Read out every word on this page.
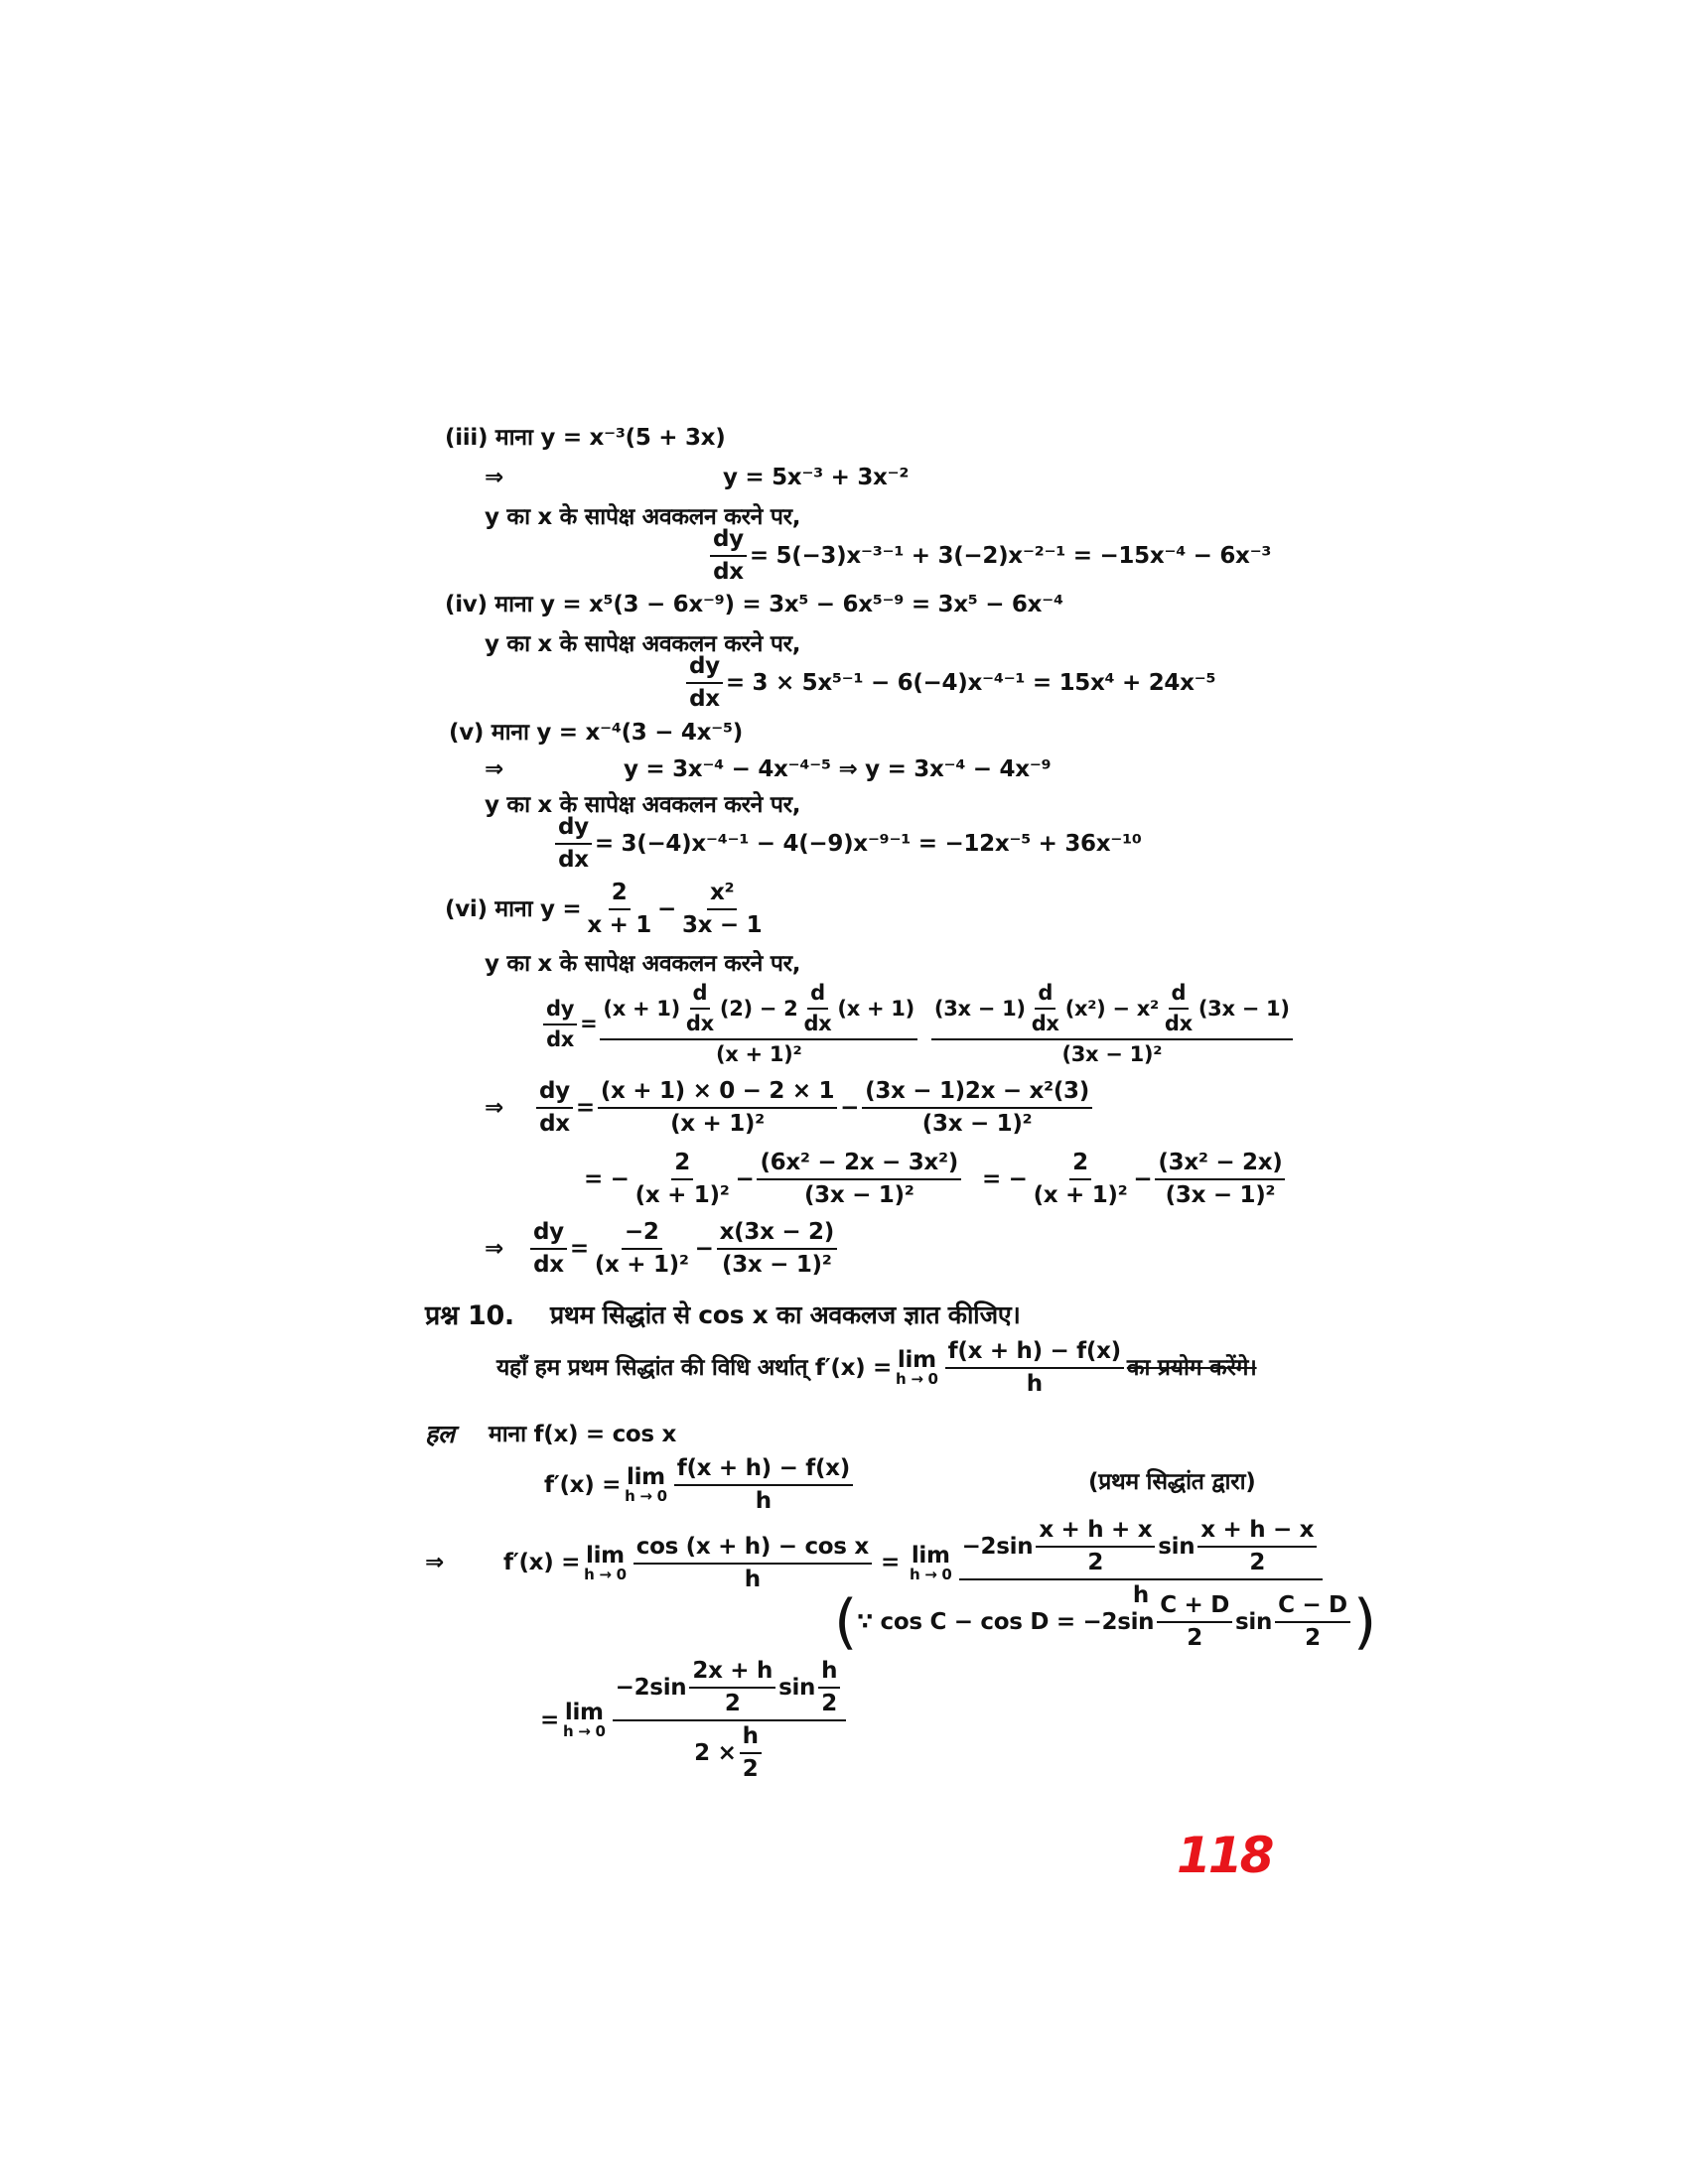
(iii) माना y = x⁻³(5 + 3x)
⇒	y = 5x⁻³ + 3x⁻²
y का x के सापेक्ष अवकलन करने पर,
$\frac{dy}{dx} = 5(-3)x^{-3-1} + 3(-2)x^{-2-1} = -15x^{-4} - 6x^{-3}$
(iv) माना y = x⁵(3 − 6x⁻⁹) = 3x⁵ − 6x⁵⁻⁹ = 3x⁵ − 6x⁻⁴
y का x के सापेक्ष अवकलन करने पर,
$\frac{dy}{dx} = 3 \times 5x^{5-1} - 6(-4)x^{-4-1} = 15x^4 + 24x^{-5}$
(v) माना y = x⁻⁴(3 − 4x⁻⁵)
⇒	y = 3x⁻⁴ − 4x⁻⁴⁻⁵ ⇒ y = 3x⁻⁴ − 4x⁻⁹
y का x के सापेक्ष अवकलन करने पर,
$\frac{dy}{dx} = 3(-4)x^{-4-1} - 4(-9)x^{-9-1} = -12x^{-5} + 36x^{-10}$
(vi) माना $y = \frac{2}{x + 1} - \frac{\text{x²}}{3x - 1}$
y का x के सापेक्ष अवकलन करने पर,
$\frac{dy}{dx}$ =
(x + 1)
d
dx
(2) − 2
d
dx
(x + 1)
(x + 1)²
(3x − 1)
d
dx
(x²) − x²
d
dx
(3x − 1)
(3x − 1)²
⇒ $\frac{dy}{dx} = \frac{(x + 1) \times 0 - 2 \times 1}{\text{(x + 1)²}} - \frac{\text{(3x − 1)2x − x²(3)}}{\text{(3x − 1)²}}$
= − $\frac{2}{\text{(x + 1)²}} - \frac{\text{(6x² − 2x − 3x²)}}{\text{(3x − 1)²}}$ = − $\frac{2}{\text{(x + 1)²}} - \frac{\text{(3x² − 2x)}}{\text{(3x − 1)²}}$
⇒ $\frac{dy}{dx} = \frac{-2}{\text{(x + 1)²}} - \frac{x(3x - 2)}{\text{(3x − 1)²}}$
प्रश्न 10. प्रथम सिद्धांत से cos x का अवकलज ज्ञात कीजिए।
यहाँ हम प्रथम सिद्धांत की विधि अर्थात् f′(x) = lim
h → 0
f(x + h) − f(x)
h
का प्रयोग करेंगे।
हल माना f(x) = cos x
f′(x) = lim
h → 0
f(x + h) − f(x)
h
(प्रथम सिद्धांत द्वारा)
⇒	f′(x) = lim
$h \to 0 \frac{\text{cos (x + h) − cos x}}{h} = \lim$
h → 0
−2sin
x + h + x
2
sin
x + h − x
2
h
( ∵ cos C − cos D = −2sin
C + D
2
sin
C − D
2 )
= lim
h → 0
−2sin
2x + h
2
sin
h
2
$2 \times \frac{h}{2}$
118
